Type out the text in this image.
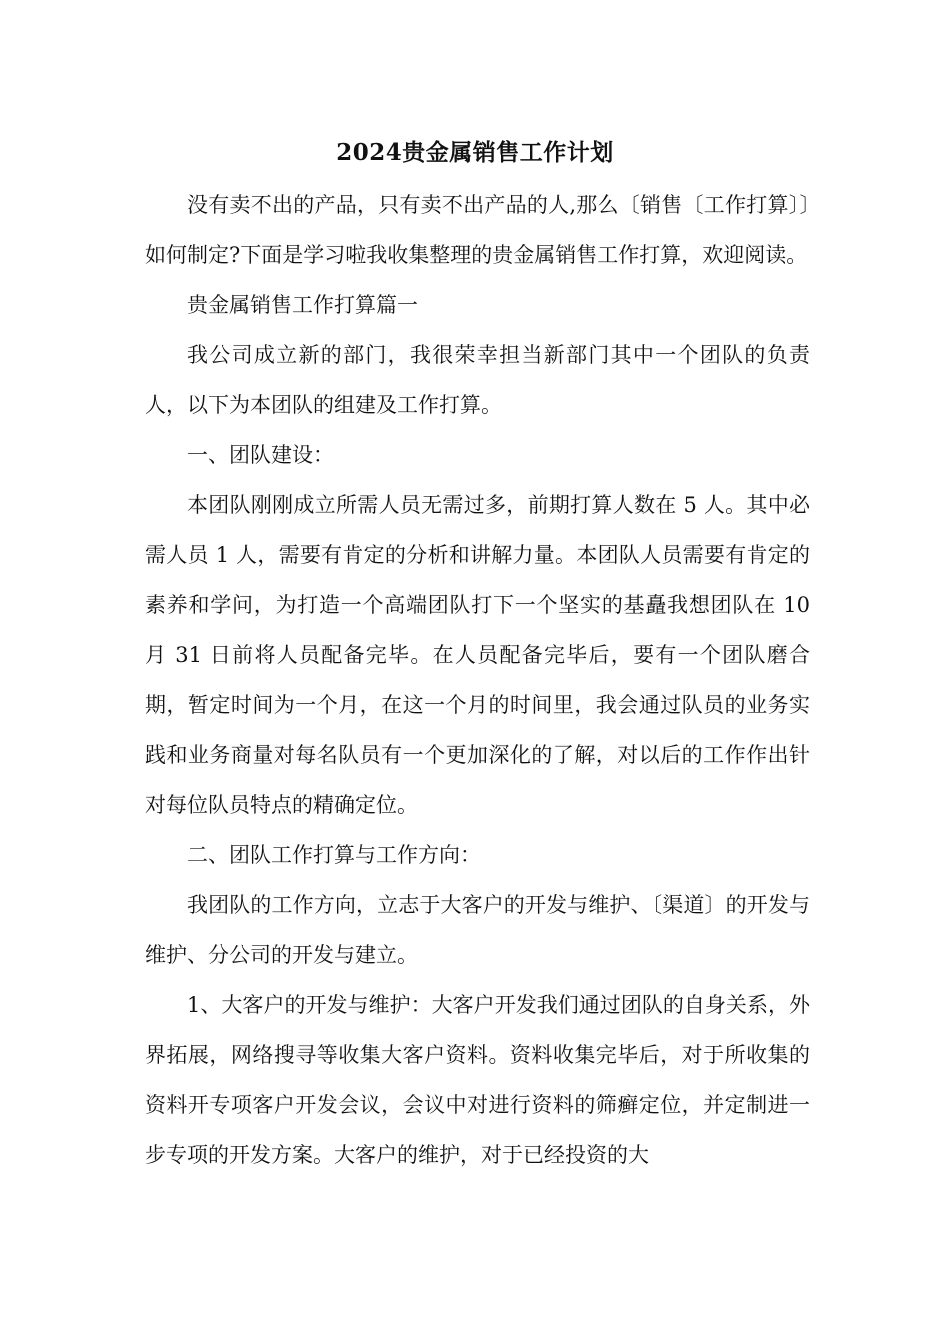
2024贵金属销售工作计划

没有卖不出的产品，只有卖不出产品的人,那么〔销售〔工作打算〕〕如何制定?下面是学习啦我收集整理的贵金属销售工作打算，欢迎阅读。

贵金属销售工作打算篇一

我公司成立新的部门，我很荣幸担当新部门其中一个团队的负责人，以下为本团队的组建及工作打算。

一、团队建设：

本团队刚刚成立所需人员无需过多，前期打算人数在 5 人。其中必需人员 1 人，需要有肯定的分析和讲解力量。本团队人员需要有肯定的素养和学问，为打造一个高端团队打下一个坚实的基矗我想团队在 10 月 31 日前将人员配备完毕。在人员配备完毕后，要有一个团队磨合期，暂定时间为一个月，在这一个月的时间里，我会通过队员的业务实践和业务商量对每名队员有一个更加深化的了解，对以后的工作作出针对每位队员特点的精确定位。

二、团队工作打算与工作方向：

我团队的工作方向，立志于大客户的开发与维护、〔渠道〕的开发与维护、分公司的开发与建立。

1、大客户的开发与维护：大客户开发我们通过团队的自身关系，外界拓展，网络搜寻等收集大客户资料。资料收集完毕后，对于所收集的资料开专项客户开发会议，会议中对进行资料的筛癣定位，并定制进一步专项的开发方案。大客户的维护，对于已经投资的大
